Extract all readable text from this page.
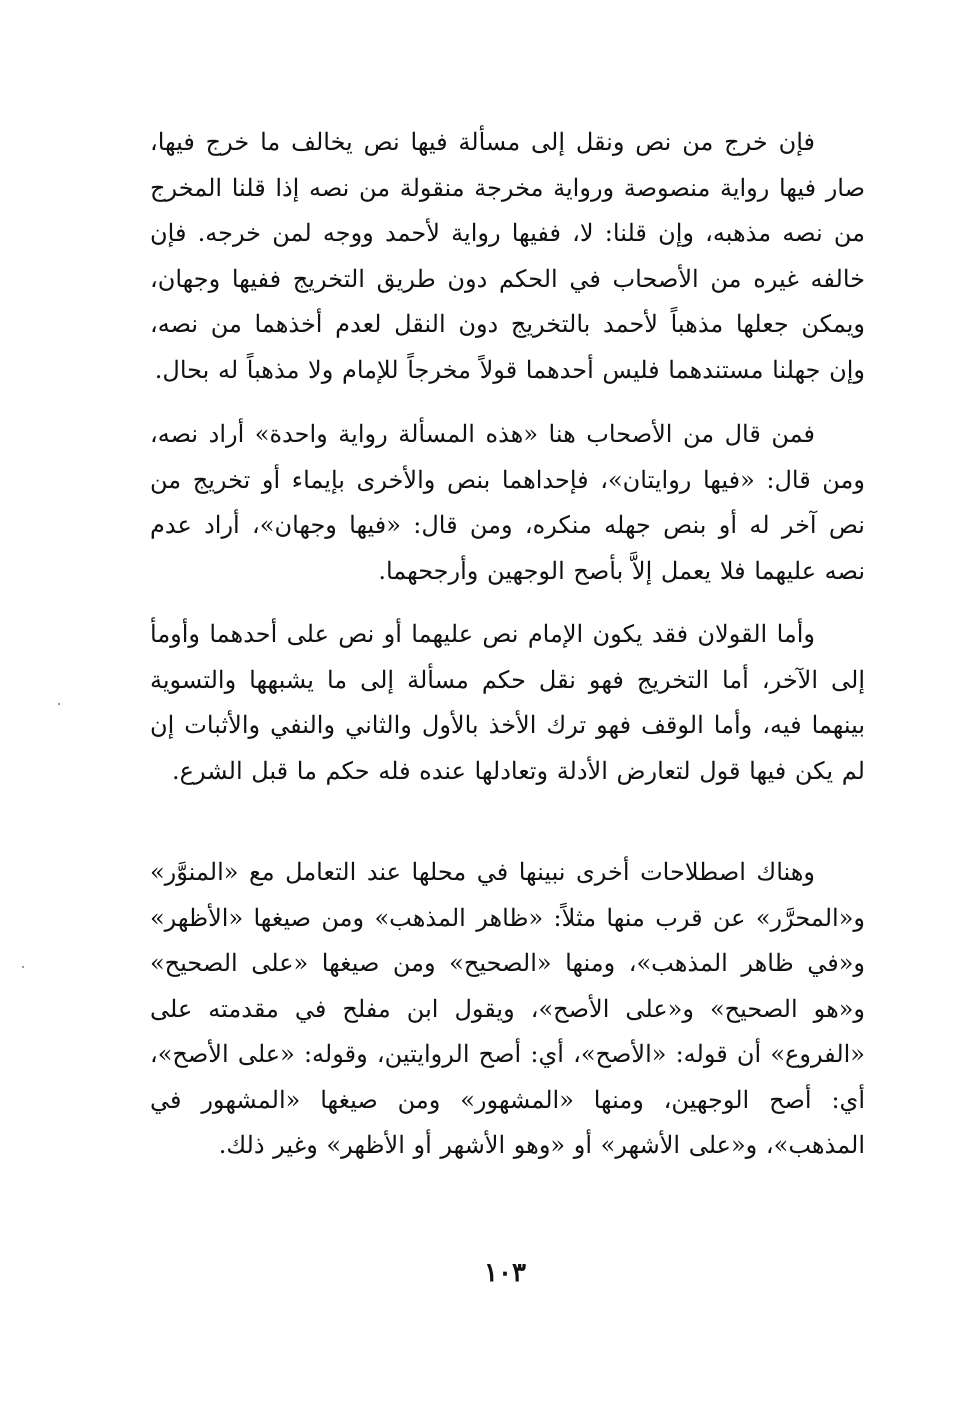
فإن خرج من نص ونقل إلى مسألة فيها نص يخالف ما خرج فيها، صار فيها رواية منصوصة ورواية مخرجة منقولة من نصه إذا قلنا المخرج من نصه مذهبه، وإن قلنا: لا، ففيها رواية لأحمد ووجه لمن خرجه. فإن خالفه غيره من الأصحاب في الحكم دون طريق التخريج ففيها وجهان، ويمكن جعلها مذهباً لأحمد بالتخريج دون النقل لعدم أخذهما من نصه، وإن جهلنا مستندهما فليس أحدهما قولاً مخرجاً للإمام ولا مذهباً له بحال.

فمن قال من الأصحاب هنا «هذه المسألة رواية واحدة» أراد نصه، ومن قال: «فيها روايتان»، فإحداهما بنص والأخرى بإيماء أو تخريج من نص آخر له أو بنص جهله منكره، ومن قال: «فيها وجهان»، أراد عدم نصه عليهما فلا يعمل إلاَّ بأصح الوجهين وأرجحهما.

وأما القولان فقد يكون الإمام نص عليهما أو نص على أحدهما وأومأ إلى الآخر، أما التخريج فهو نقل حكم مسألة إلى ما يشبهها والتسوية بينهما فيه، وأما الوقف فهو ترك الأخذ بالأول والثاني والنفي والأثبات إن لم يكن فيها قول لتعارض الأدلة وتعادلها عنده فله حكم ما قبل الشرع.

وهناك اصطلاحات أخرى نبينها في محلها عند التعامل مع «المنوَّر» و«المحرَّر» عن قرب منها مثلاً: «ظاهر المذهب» ومن صيغها «الأظهر» و«في ظاهر المذهب»، ومنها «الصحيح» ومن صيغها «على الصحيح» و«هو الصحيح» و«على الأصح»، ويقول ابن مفلح في مقدمته على «الفروع» أن قوله: «الأصح»، أي: أصح الروايتين، وقوله: «على الأصح»، أي: أصح الوجهين، ومنها «المشهور» ومن صيغها «المشهور في المذهب»، و«على الأشهر» أو «وهو الأشهر أو الأظهر» وغير ذلك.

١٠٣
